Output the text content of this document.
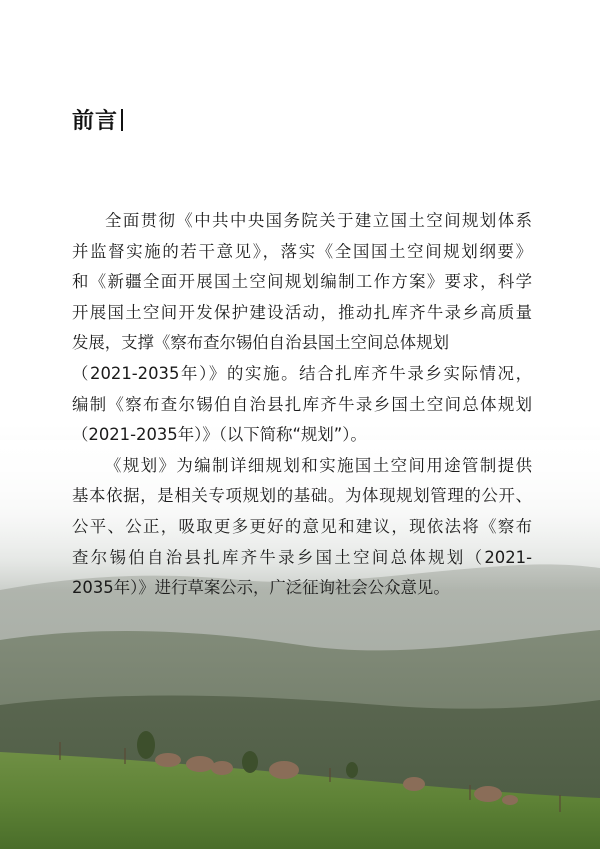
前言
全面贯彻《中共中央国务院关于建立国土空间规划体系
并监督实施的若干意见》，落实《全国国土空间规划纲要》
和《新疆全面开展国土空间规划编制工作方案》要求，科学
开展国土空间开发保护建设活动，推动扎库齐牛录乡高质量
发展，支撑《察布查尔锡伯自治县国土空间总体规划
（2021-2035年）》的实施。结合扎库齐牛录乡实际情况，
编制《察布查尔锡伯自治县扎库齐牛录乡国土空间总体规划
（2021-2035年）》（以下简称“规划”）。
《规划》为编制详细规划和实施国土空间用途管制提供
基本依据，是相关专项规划的基础。为体现规划管理的公开、
公平、公正，吸取更多更好的意见和建议，现依法将《察布
查尔锡伯自治县扎库齐牛录乡国土空间总体规划（2021-
2035年）》进行草案公示，广泛征询社会公众意见。
